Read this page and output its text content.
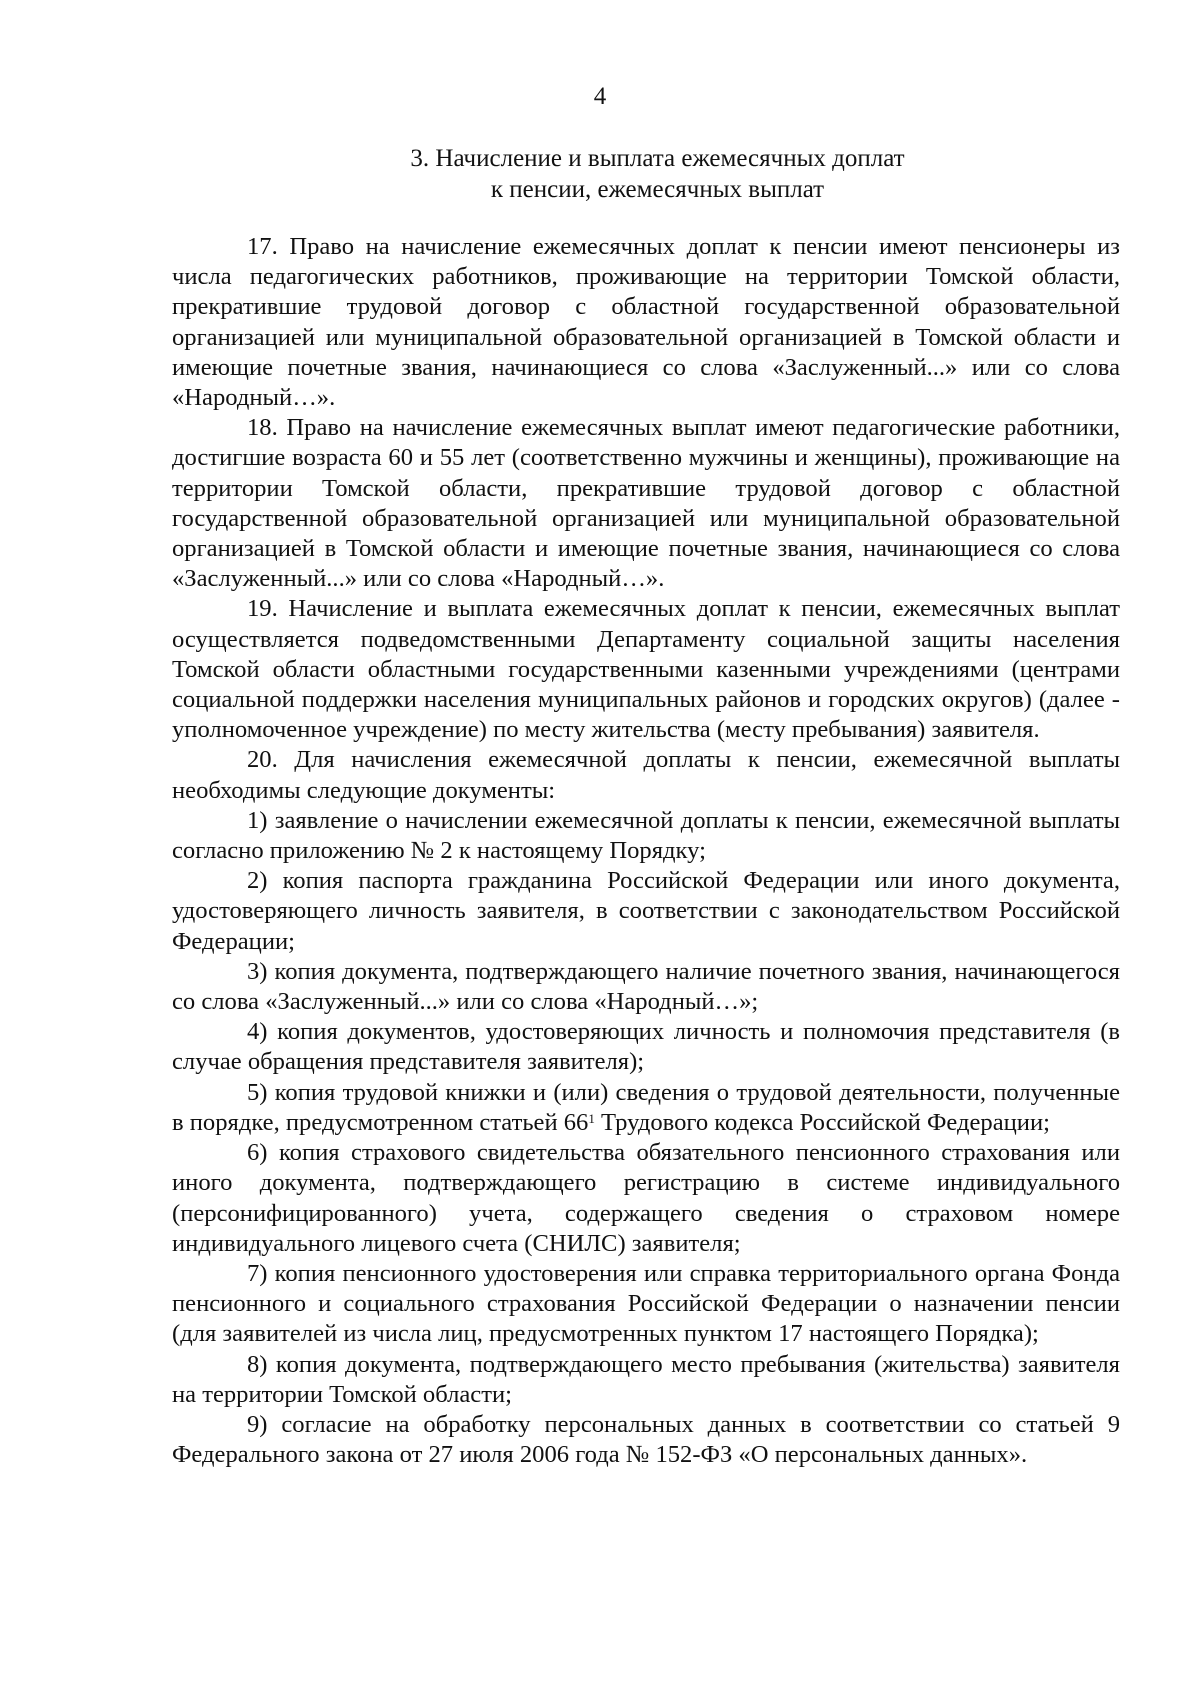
4
3. Начисление и выплата ежемесячных доплат
к пенсии, ежемесячных выплат

17. Право на начисление ежемесячных доплат к пенсии имеют пенсионеры из числа педагогических работников, проживающие на территории Томской области, прекратившие трудовой договор с областной государственной образовательной организацией или муниципальной образовательной организацией в Томской области и имеющие почетные звания, начинающиеся со слова «Заслуженный...» или со слова «Народный…».

18. Право на начисление ежемесячных выплат имеют педагогические работники, достигшие возраста 60 и 55 лет (соответственно мужчины и женщины), проживающие на территории Томской области, прекратившие трудовой договор с областной государственной образовательной организацией или муниципальной образовательной организацией в Томской области и имеющие почетные звания, начинающиеся со слова «Заслуженный...» или со слова «Народный…».

19. Начисление и выплата ежемесячных доплат к пенсии, ежемесячных выплат осуществляется подведомственными Департаменту социальной защиты населения Томской области областными государственными казенными учреждениями (центрами социальной поддержки населения муниципальных районов и городских округов) (далее - уполномоченное учреждение) по месту жительства (месту пребывания) заявителя.

20. Для начисления ежемесячной доплаты к пенсии, ежемесячной выплаты необходимы следующие документы:

1) заявление о начислении ежемесячной доплаты к пенсии, ежемесячной выплаты согласно приложению № 2 к настоящему Порядку;

2) копия паспорта гражданина Российской Федерации или иного документа, удостоверяющего личность заявителя, в соответствии с законодательством Российской Федерации;

3) копия документа, подтверждающего наличие почетного звания, начинающегося со слова «Заслуженный...» или со слова «Народный…»;

4) копия документов, удостоверяющих личность и полномочия представителя (в случае обращения представителя заявителя);

5) копия трудовой книжки и (или) сведения о трудовой деятельности, полученные в порядке, предусмотренном статьей $66^1$ Трудового кодекса Российской Федерации;

6) копия страхового свидетельства обязательного пенсионного страхования или иного документа, подтверждающего регистрацию в системе индивидуального (персонифицированного) учета, содержащего сведения о страховом номере индивидуального лицевого счета (СНИЛС) заявителя;

7) копия пенсионного удостоверения или справка территориального органа Фонда пенсионного и социального страхования Российской Федерации о назначении пенсии (для заявителей из числа лиц, предусмотренных пунктом 17 настоящего Порядка);

8) копия документа, подтверждающего место пребывания (жительства) заявителя на территории Томской области;

9) согласие на обработку персональных данных в соответствии со статьей 9 Федерального закона от 27 июля 2006 года № 152-ФЗ «О персональных данных».
